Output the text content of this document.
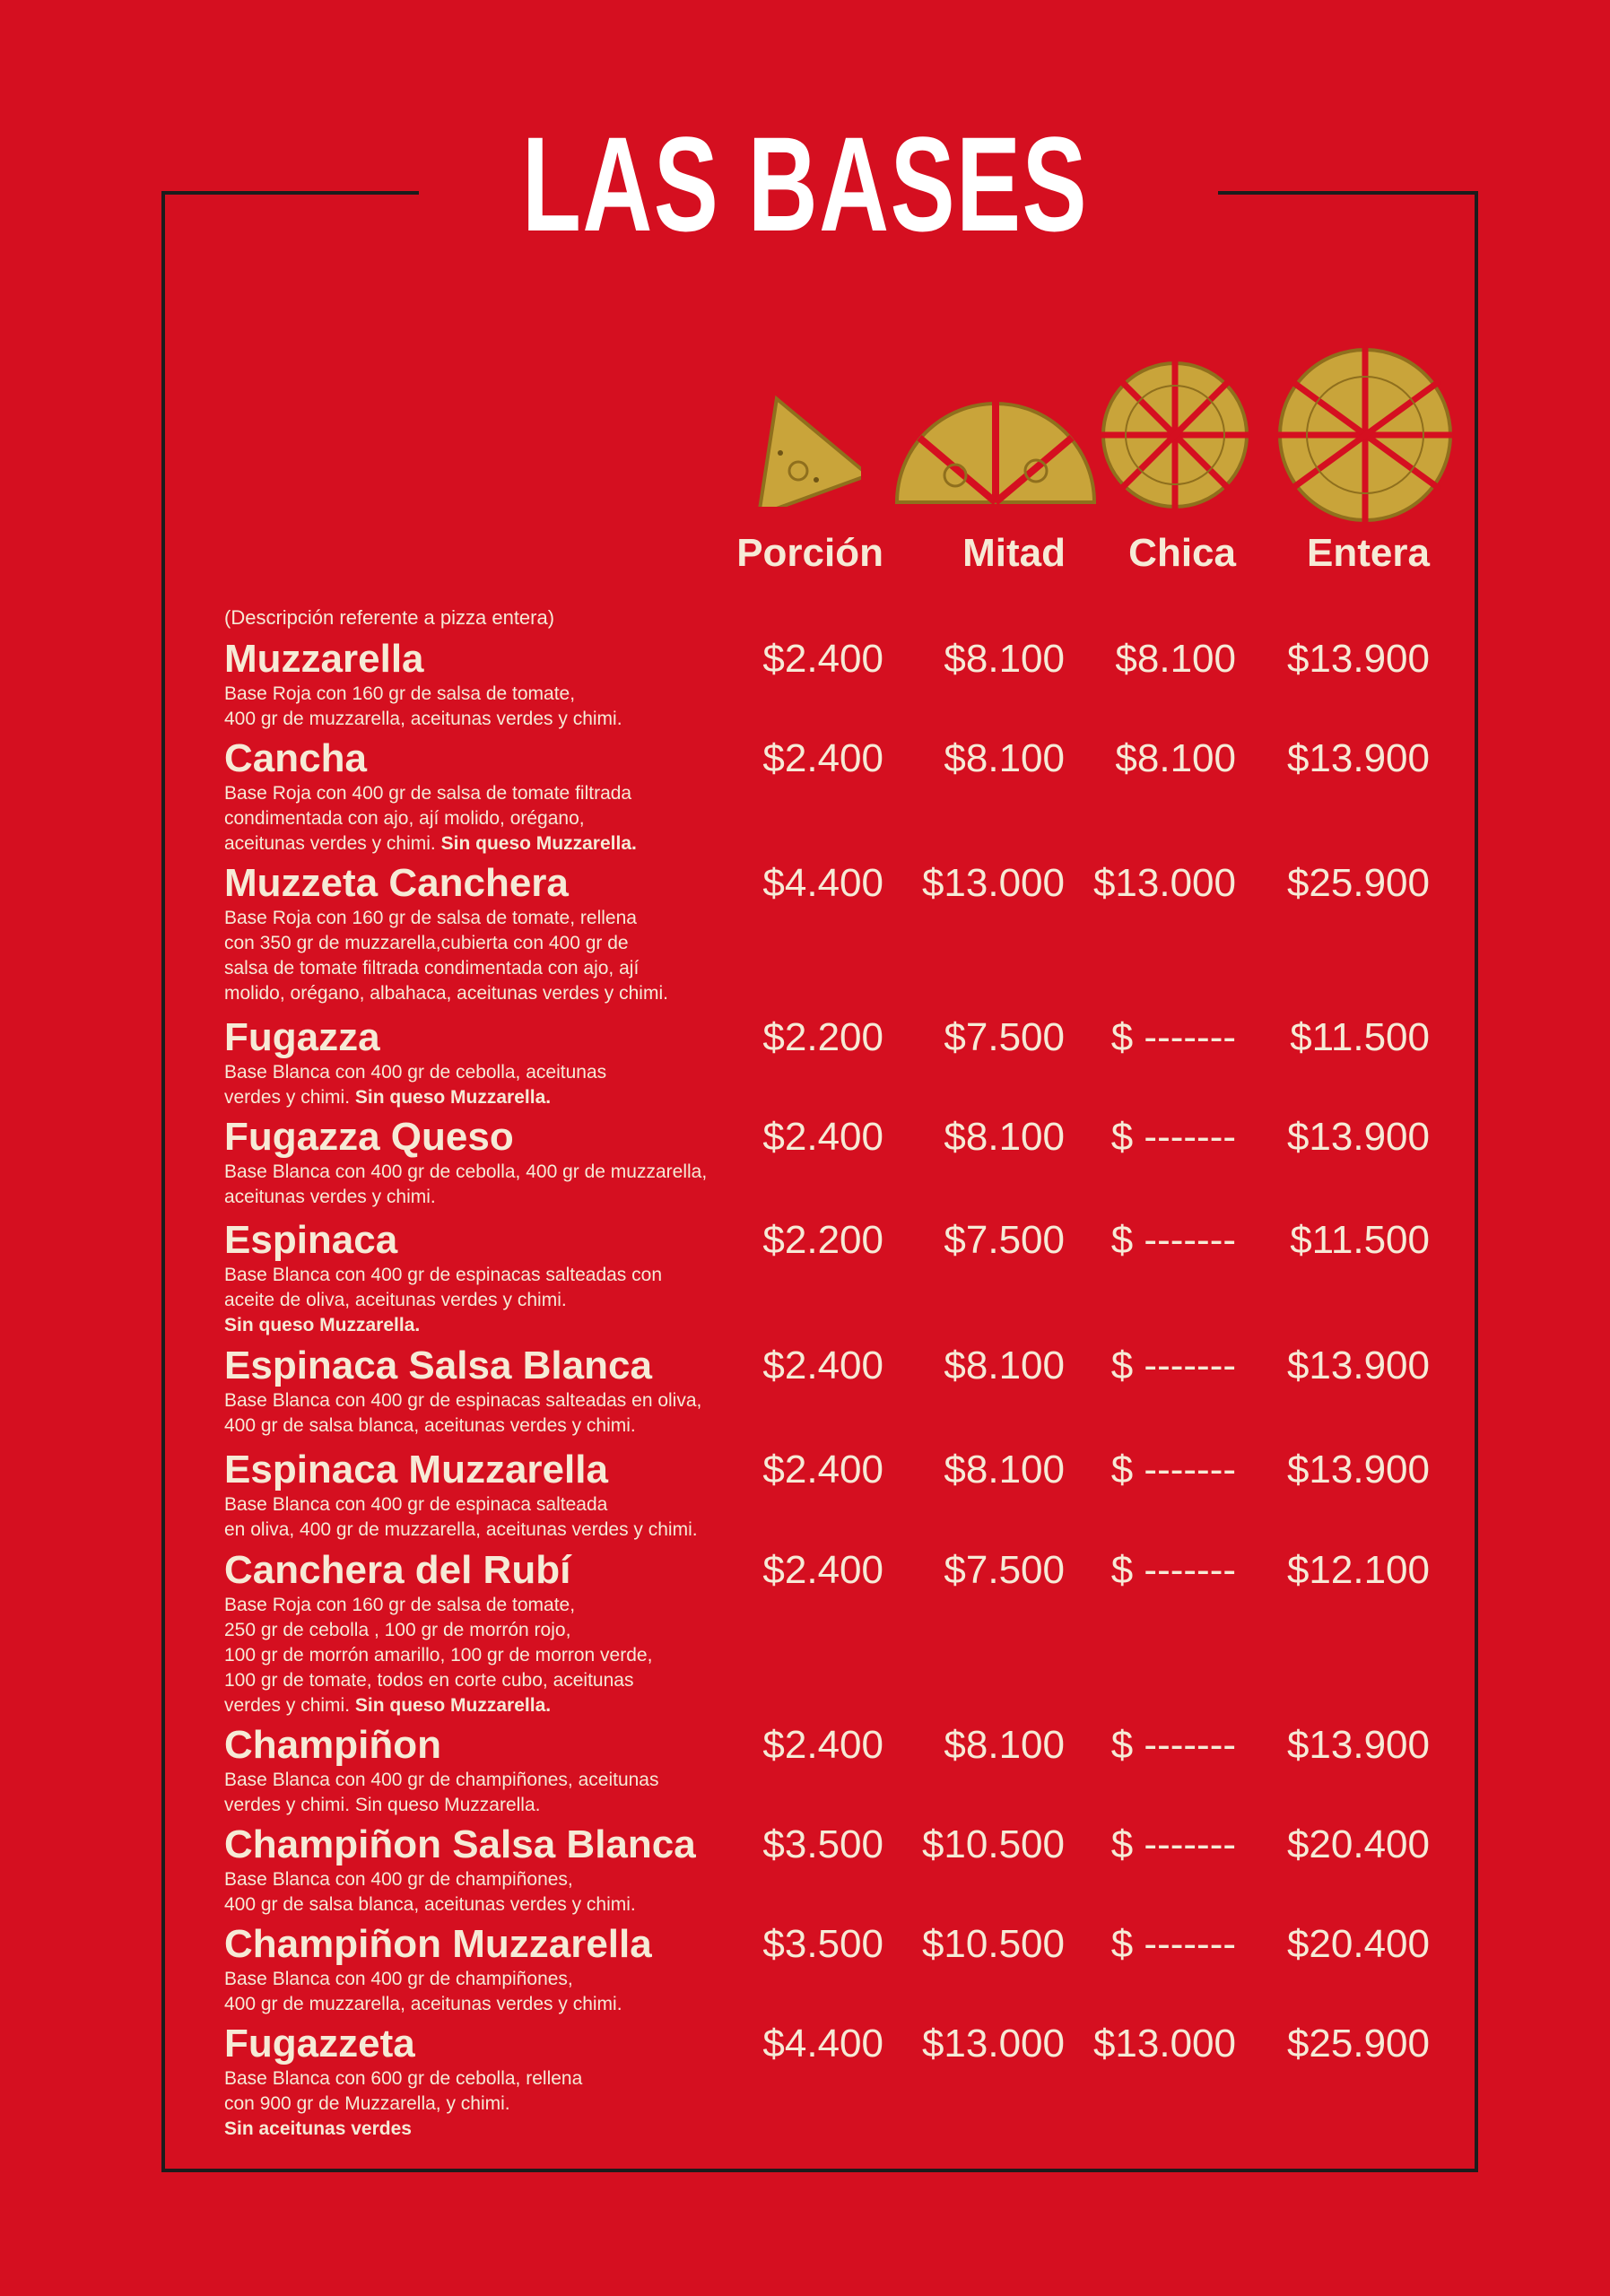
LAS BASES
Porción	Mitad	Chica	Entera
(Descripción referente a pizza entera)
Muzzarella
Base Roja con 160 gr de salsa de tomate,
400 gr de muzzarella, aceitunas verdes y chimi.
$2.400	$8.100	$8.100	$13.900
Cancha
Base Roja con 400 gr de salsa de tomate filtrada
condimentada con ajo, ají molido, orégano,
aceitunas verdes y chimi. Sin queso Muzzarella.
$2.400	$8.100	$8.100	$13.900
Muzzeta Canchera
Base Roja con 160 gr de salsa de tomate, rellena
con 350 gr de muzzarella,cubierta con 400 gr de
salsa de tomate filtrada condimentada con ajo, ají
molido, orégano, albahaca, aceitunas verdes y chimi.
$4.400 $13.000 $13.000	$25.900
Fugazza
Base Blanca con 400 gr de cebolla, aceitunas
verdes y chimi. Sin queso Muzzarella.
$2.200	$7.500	$ -------	$11.500
Fugazza Queso
Base Blanca con 400 gr de cebolla, 400 gr de muzzarella,
aceitunas verdes y chimi.
$2.400	$8.100	$ -------	$13.900
Espinaca
Base Blanca con 400 gr de espinacas salteadas con
aceite de oliva, aceitunas verdes y chimi.
Sin queso Muzzarella.
$2.200	$7.500	$ -------	$11.500
Espinaca Salsa Blanca
Base Blanca con 400 gr de espinacas salteadas en oliva,
400 gr de salsa blanca, aceitunas verdes y chimi.
$2.400	$8.100	$ -------	$13.900
Espinaca Muzzarella
Base Blanca con 400 gr de espinaca salteada
en oliva, 400 gr de muzzarella, aceitunas verdes y chimi.
$2.400	$8.100	$ -------	$13.900
Canchera del Rubí
Base Roja con 160 gr de salsa de tomate,
250 gr de cebolla , 100 gr de morrón rojo,
100 gr de morrón amarillo, 100 gr de morron verde,
100 gr de tomate, todos en corte cubo, aceitunas
verdes y chimi. Sin queso Muzzarella.
$2.400	$7.500	$ -------	$12.100
Champiñon
Base Blanca con 400 gr de champiñones, aceitunas
verdes y chimi. Sin queso Muzzarella.
$2.400	$8.100	$ -------	$13.900
Champiñon Salsa Blanca
Base Blanca con 400 gr de champiñones,
400 gr de salsa blanca, aceitunas verdes y chimi.
$3.500 $10.500	$ -------	$20.400
Champiñon Muzzarella
Base Blanca con 400 gr de champiñones,
400 gr de muzzarella, aceitunas verdes y chimi.
$3.500 $10.500	$ -------	$20.400
Fugazzeta
Base Blanca con 600 gr de cebolla, rellena
con 900 gr de Muzzarella, y chimi.
Sin aceitunas verdes
$4.400 $13.000 $13.000	$25.900
